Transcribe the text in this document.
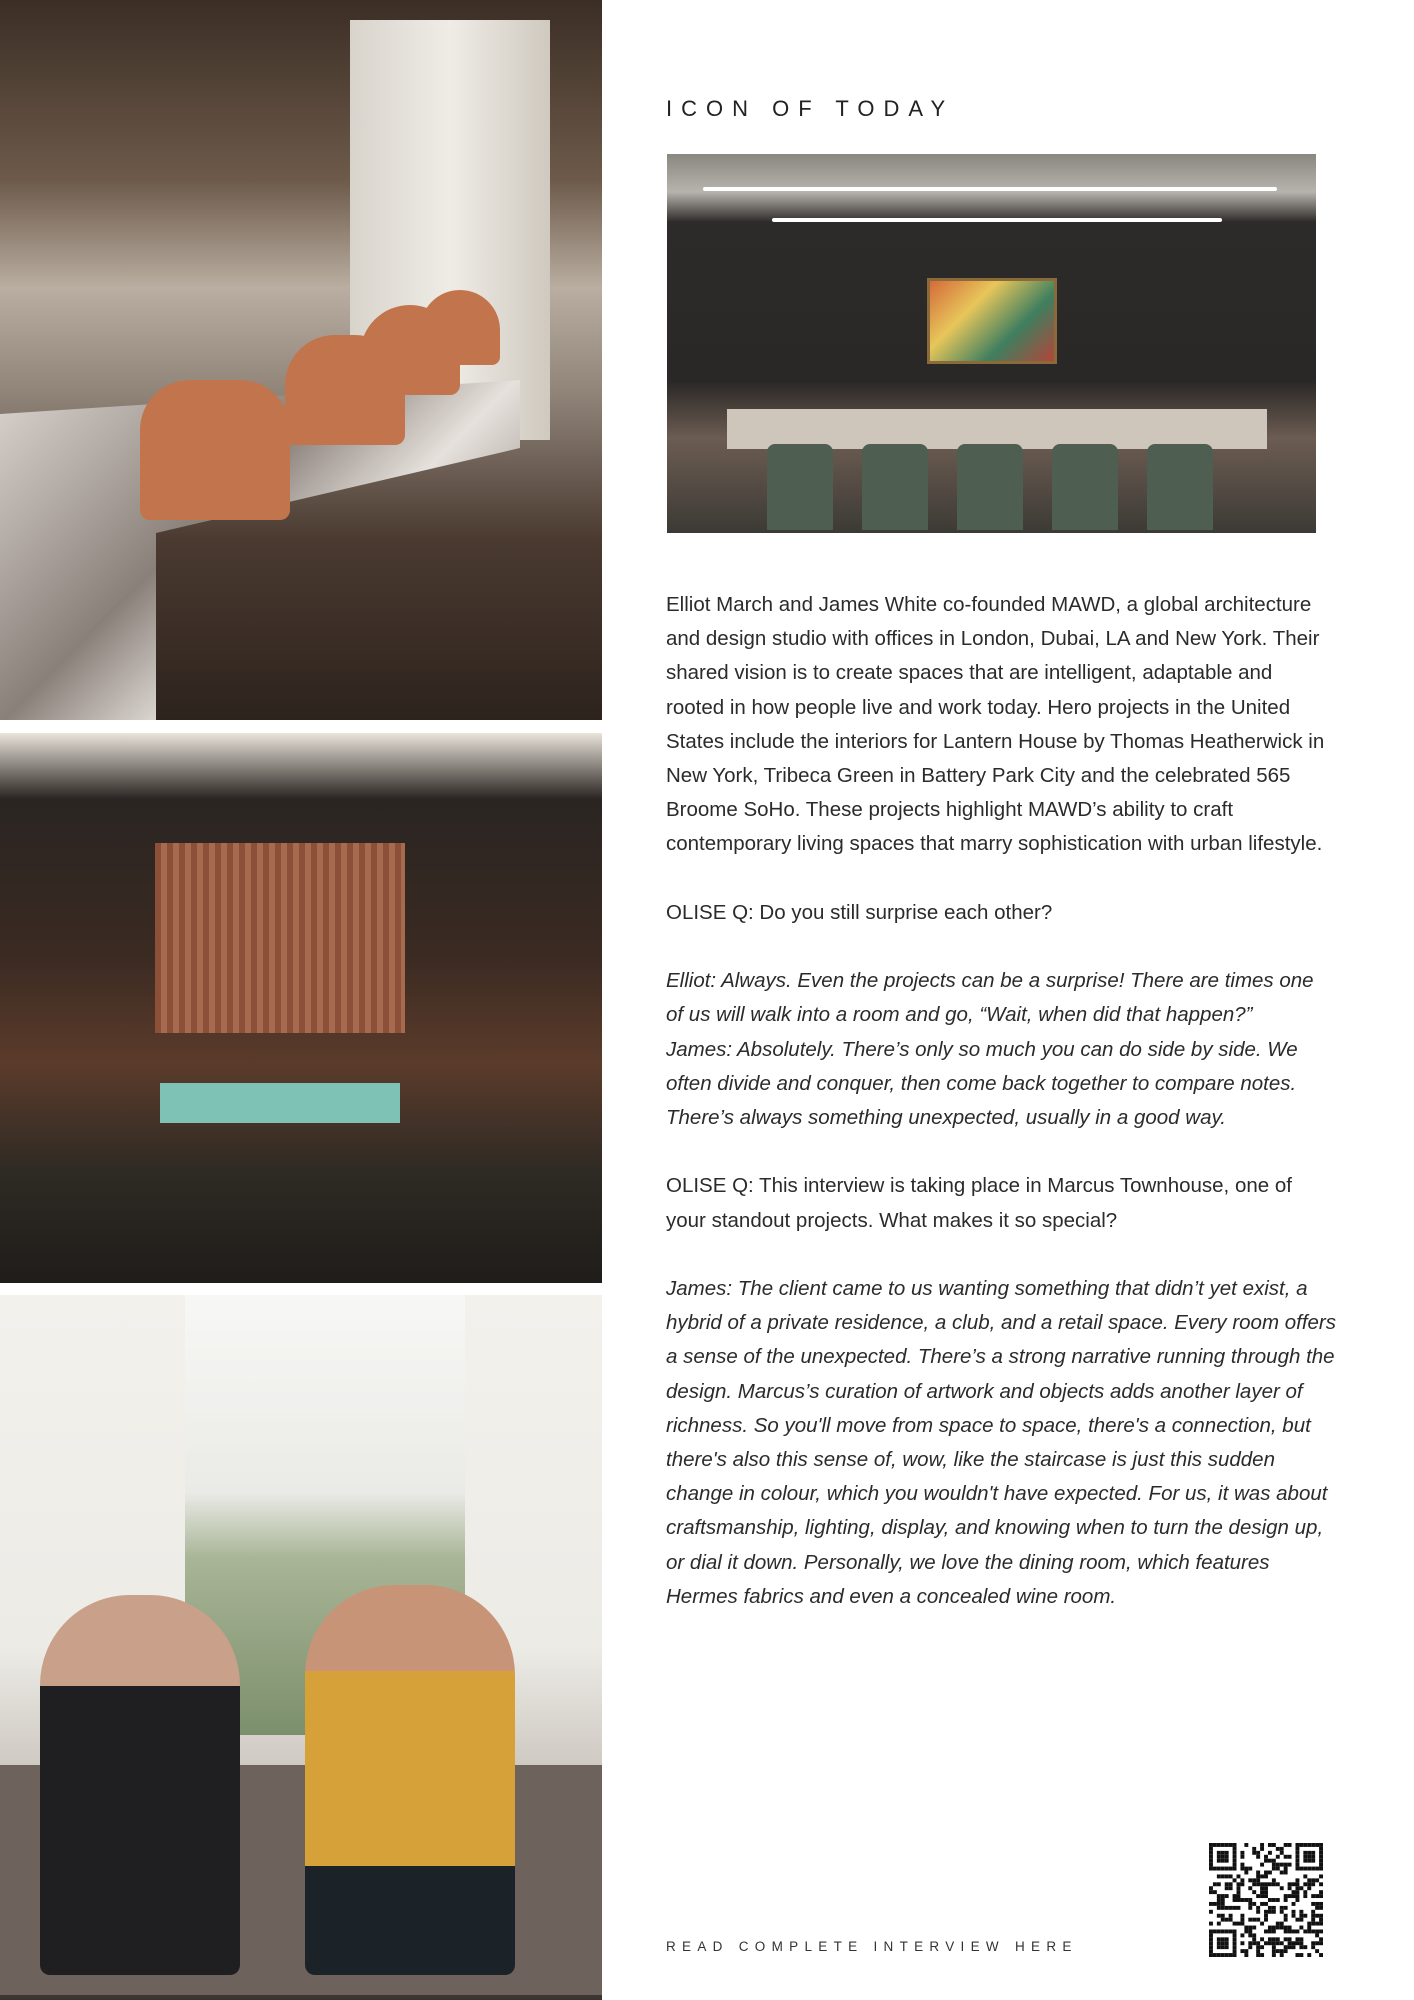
ICON OF TODAY

Elliot March and James White co-founded MAWD, a global architecture and design studio with offices in London, Dubai, LA and New York. Their shared vision is to create spaces that are intelligent, adaptable and rooted in how people live and work today. Hero projects in the United States include the interiors for Lantern House by Thomas Heatherwick in New York, Tribeca Green in Battery Park City and the celebrated 565 Broome SoHo. These projects highlight MAWD’s ability to craft contemporary living spaces that marry sophistication with urban lifestyle.

OLISE Q: Do you still surprise each other?

Elliot: Always. Even the projects can be a surprise! There are times one of us will walk into a room and go, “Wait, when did that happen?”

James: Absolutely. There’s only so much you can do side by side. We often divide and conquer, then come back together to compare notes. There’s always something unexpected, usually in a good way.

OLISE Q: This interview is taking place in Marcus Townhouse, one of your standout projects. What makes it so special?

James: The client came to us wanting something that didn’t yet exist, a hybrid of a private residence, a club, and a retail space. Every room offers a sense of the unexpected. There’s a strong narrative running through the design. Marcus’s curation of artwork and objects adds another layer of richness. So you'll move from space to space, there's a connection, but there's also this sense of, wow, like the staircase is just this sudden change in colour, which you wouldn't have expected. For us, it was about craftsmanship, lighting, display, and knowing when to turn the design up, or dial it down. Personally, we love the dining room, which features Hermes fabrics and even a concealed wine room.

READ COMPLETE INTERVIEW HERE
